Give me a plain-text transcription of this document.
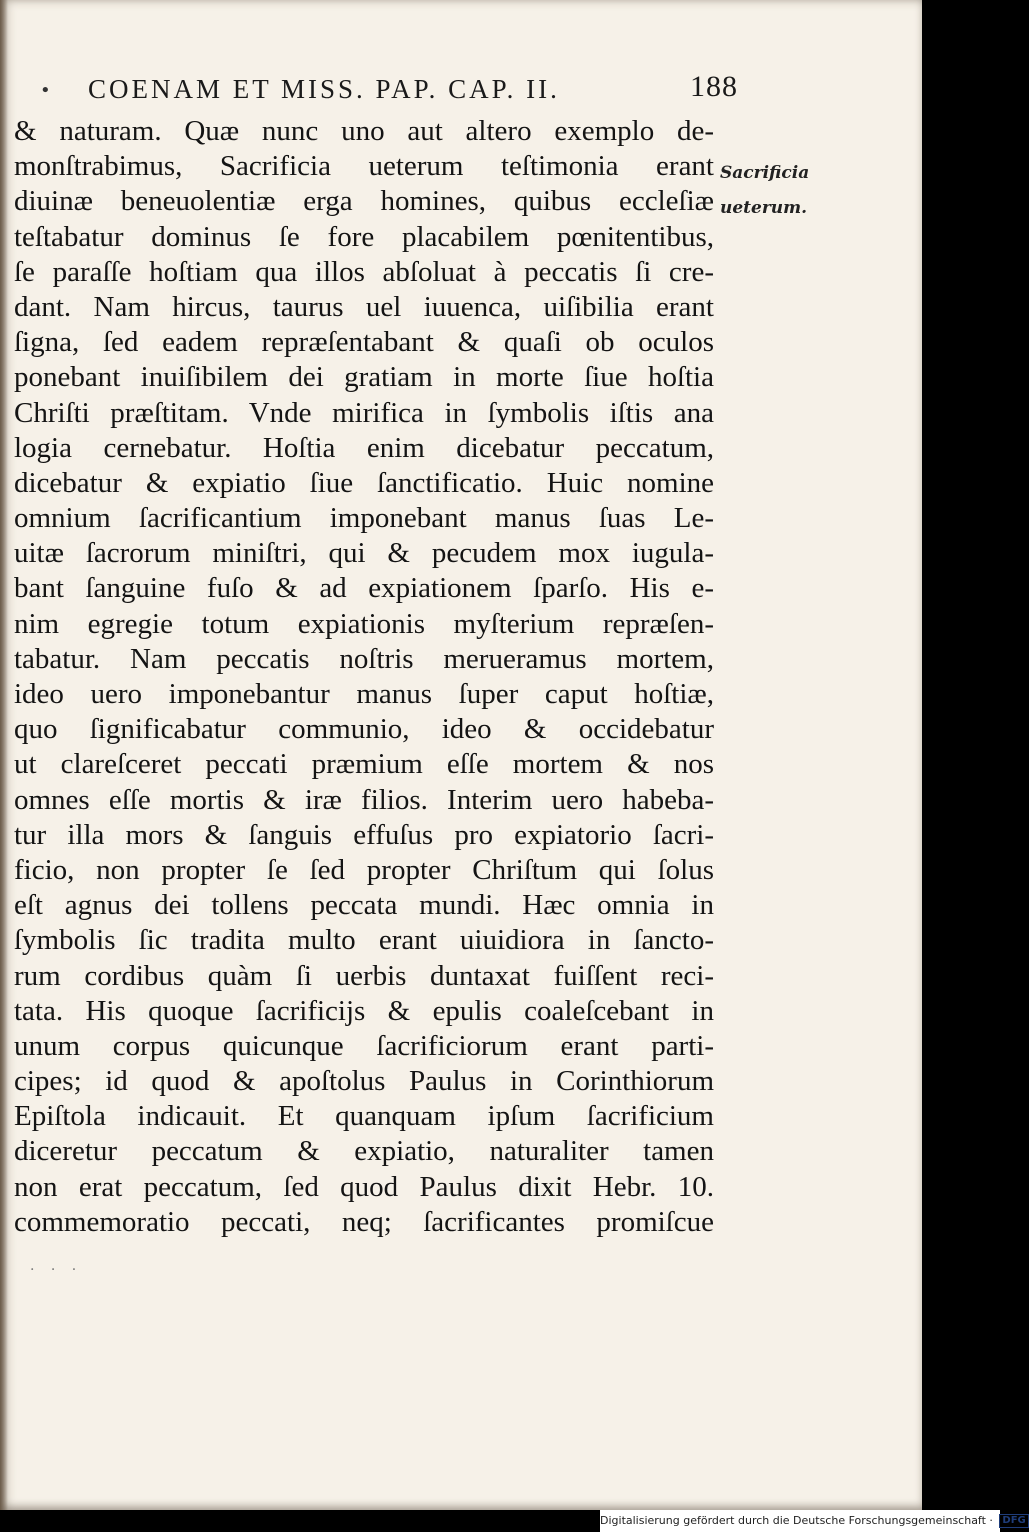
• COENAM ET MISS. PAP. CAP. II.	188
& naturam. Quæ nunc uno aut altero exemplo de-
monſtrabimus, Sacrificia ueterum teſtimonia erant
diuinæ beneuolentiæ erga homines, quibus eccleſiæ
teſtabatur dominus ſe fore placabilem pœnitentibus,
ſe paraſſe hoſtiam qua illos abſoluat à peccatis ſi cre-
dant. Nam hircus, taurus uel iuuenca, uiſibilia erant
ſigna, ſed eadem repræſentabant & quaſi ob oculos
ponebant inuiſibilem dei gratiam in morte ſiue hoſtia
Chriſti præſtitam. Vnde mirifica in ſymbolis iſtis ana
logia cernebatur. Hoſtia enim dicebatur peccatum,
dicebatur & expiatio ſiue ſanctificatio. Huic nomine
omnium ſacrificantium imponebant manus ſuas Le-
uitæ ſacrorum miniſtri, qui & pecudem mox iugula-
bant ſanguine fuſo & ad expiationem ſparſo. His e-
nim egregie totum expiationis myſterium repræſen-
tabatur. Nam peccatis noſtris merueramus mortem,
ideo uero imponebantur manus ſuper caput hoſtiæ,
quo ſignificabatur communio, ideo & occidebatur
ut clareſceret peccati præmium eſſe mortem & nos
omnes eſſe mortis & iræ filios. Interim uero habeba-
tur illa mors & ſanguis effuſus pro expiatorio ſacri-
ficio, non propter ſe ſed propter Chriſtum qui ſolus
eſt agnus dei tollens peccata mundi. Hæc omnia in
ſymbolis ſic tradita multo erant uiuidiora in ſancto-
rum cordibus quàm ſi uerbis duntaxat fuiſſent reci-
tata. His quoque ſacrificijs & epulis coaleſcebant in
unum corpus quicunque ſacrificiorum erant parti-
cipes; id quod & apoſtolus Paulus in Corinthiorum
Epiſtola indicauit. Et quanquam ipſum ſacrificium
diceretur peccatum & expiatio, naturaliter tamen
non erat peccatum, ſed quod Paulus dixit Hebr. 10.
commemoratio peccati, neq; ſacrificantes promiſcue
Sacrificia
ueterum.
· · ·
Digitalisierung gefördert durch die Deutsche Forschungsgemeinschaft · DFG
